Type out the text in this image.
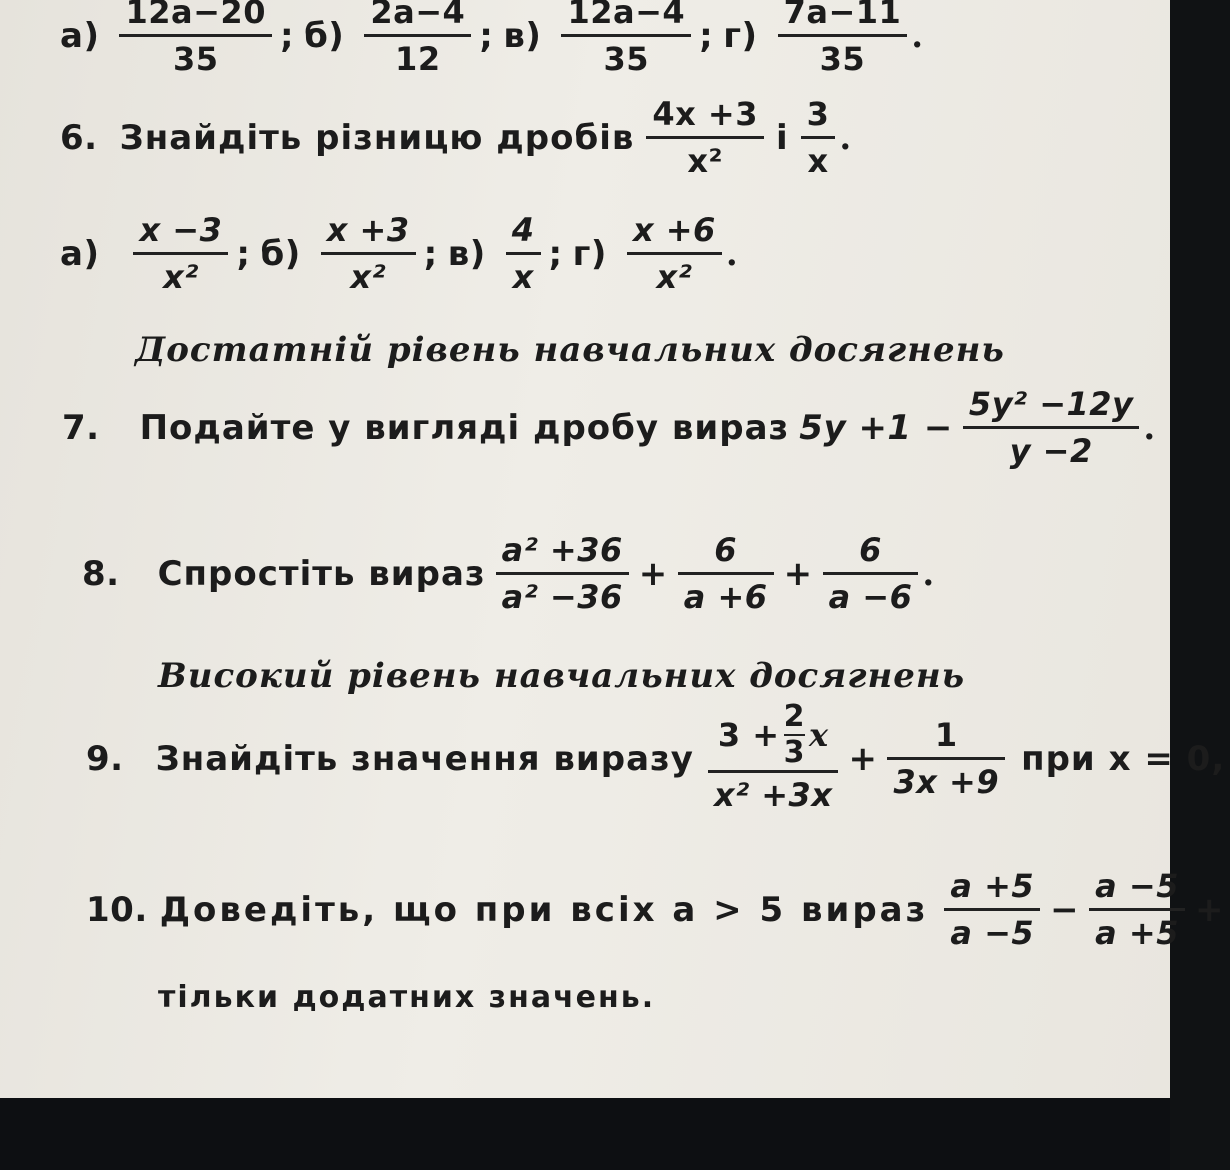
$а) \frac{12a-20}{35}$ ; $б) \frac{2a-4}{12}$ ; $в) \frac{12a-4}{35}$ ; $г) \frac{7a-11}{35}$ .
6. Знайдіть різницю дробів $\frac{4x +3}{\text{x²}}$ і $\frac{3}{x}$ .
$а) \frac{x -3}{\text{x²}}$ ; $б) \frac{x +3}{\text{x²}}$ ; $в) \frac{4}{x}$ ; $г) \frac{x +6}{\text{x²}}$ .
Достатній рівень навчальних досягнень
7. Подайте у вигляді дробу вираз $5y +1 - \frac{\text{5y² −12y}}{y -2}$ .
8. Спростіть вираз $\frac{\text{a² +36}}{\text{a² −36}} + \frac{6}{a +6} + \frac{6}{a -6}$ .
Високий рівень навчальних досягнень
9. Знайдіть значення виразу
3 + 2
3 x
x² +3x
+ $\frac{1}{3x +9}$ при x = 0,
10. Доведіть, що при всіх a > 5 вираз $\frac{a +5}{a -5} - \frac{a -5}{a +5}$ +
тільки додатних значень.
